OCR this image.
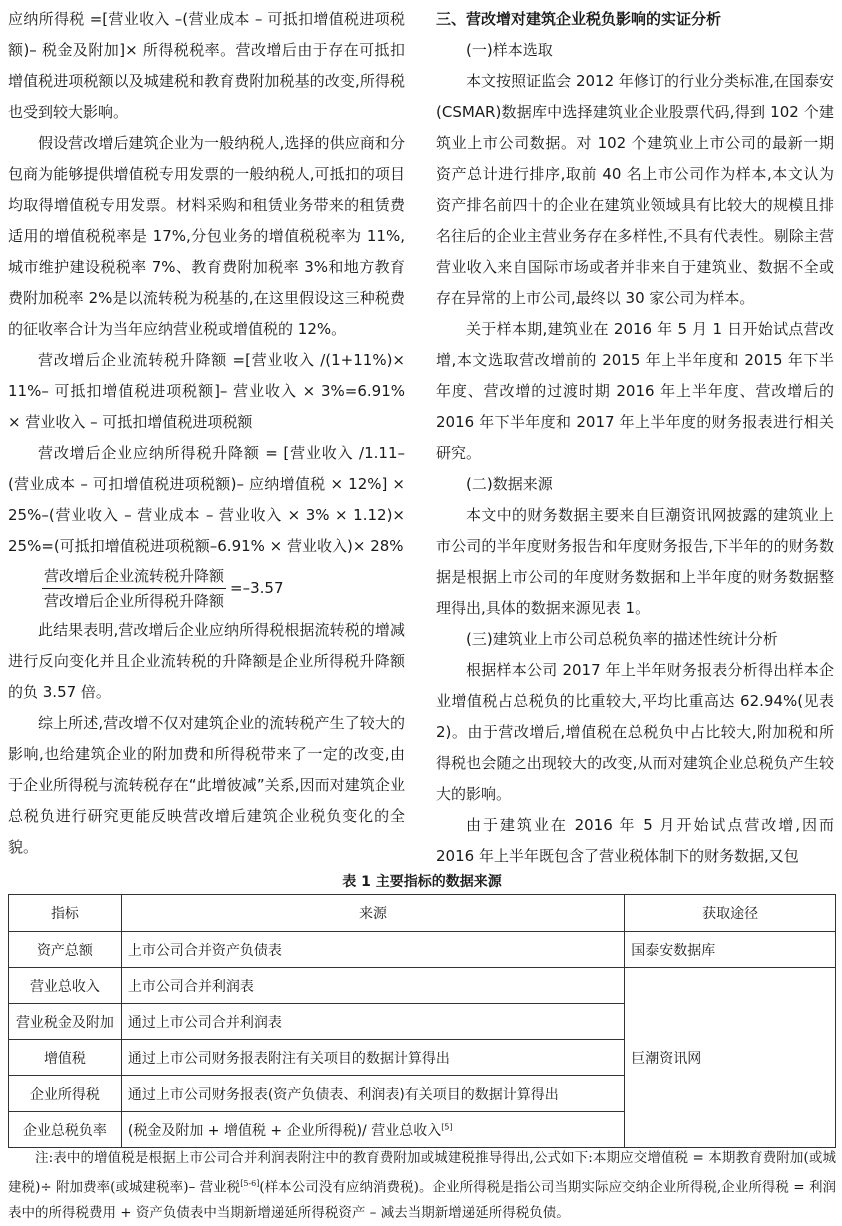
应纳所得税 =[营业收入 –(营业成本 – 可抵扣增值税进项税额)– 税金及附加]× 所得税税率。营改增后由于存在可抵扣增值税进项税额以及城建税和教育费附加税基的改变,所得税也受到较大影响。

假设营改增后建筑企业为一般纳税人,选择的供应商和分包商为能够提供增值税专用发票的一般纳税人,可抵扣的项目均取得增值税专用发票。材料采购和租赁业务带来的租赁费适用的增值税税率是 17%,分包业务的增值税税率为 11%,城市维护建设税税率 7%、教育费附加税率 3%和地方教育费附加税率 2%是以流转税为税基的,在这里假设这三种税费的征收率合计为当年应纳营业税或增值税的 12%。

营改增后企业流转税升降额 =[营业收入 /(1+11%)× 11%– 可抵扣增值税进项税额]– 营业收入 × 3%=6.91% × 营业收入 – 可抵扣增值税进项税额

营改增后企业应纳所得税升降额 = [营业收入 /1.11–(营业成本 – 可扣增值税进项税额)– 应纳增值税 × 12%] × 25%–(营业收入 – 营业成本 – 营业收入 × 3% × 1.12)× 25%=(可抵扣增值税进项税额–6.91% × 营业收入)× 28%

$\frac{\text{营改增后企业流转税升降额}}{\text{营改增后企业所得税升降额}} =-3.57$

此结果表明,营改增后企业应纳所得税根据流转税的增减进行反向变化并且企业流转税的升降额是企业所得税升降额的负 3.57 倍。

综上所述,营改增不仅对建筑企业的流转税产生了较大的影响,也给建筑企业的附加费和所得税带来了一定的改变,由于企业所得税与流转税存在“此增彼减”关系,因而对建筑企业总税负进行研究更能反映营改增后建筑企业税负变化的全貌。

三、营改增对建筑企业税负影响的实证分析

(一)样本选取

本文按照证监会 2012 年修订的行业分类标准,在国泰安(CSMAR)数据库中选择建筑业企业股票代码,得到 102 个建筑业上市公司数据。对 102 个建筑业上市公司的最新一期资产总计进行排序,取前 40 名上市公司作为样本,本文认为资产排名前四十的企业在建筑业领域具有比较大的规模且排名往后的企业主营业务存在多样性,不具有代表性。剔除主营营业收入来自国际市场或者并非来自于建筑业、数据不全或存在异常的上市公司,最终以 30 家公司为样本。

关于样本期,建筑业在 2016 年 5 月 1 日开始试点营改增,本文选取营改增前的 2015 年上半年度和 2015 年下半年度、营改增的过渡时期 2016 年上半年度、营改增后的 2016 年下半年度和 2017 年上半年度的财务报表进行相关研究。

(二)数据来源

本文中的财务数据主要来自巨潮资讯网披露的建筑业上市公司的半年度财务报告和年度财务报告,下半年的的财务数据是根据上市公司的年度财务数据和上半年度的财务数据整理得出,具体的数据来源见表 1。

(三)建筑业上市公司总税负率的描述性统计分析

根据样本公司 2017 年上半年财务报表分析得出样本企业增值税占总税负的比重较大,平均比重高达 62.94%(见表 2)。由于营改增后,增值税在总税负中占比较大,附加税和所得税也会随之出现较大的改变,从而对建筑企业总税负产生较大的影响。

由于建筑业在 2016 年 5 月开始试点营改增,因而 2016 年上半年既包含了营业税体制下的财务数据,又包

表 1 主要指标的数据来源
指标	来源	获取途径
资产总额	上市公司合并资产负债表	国泰安数据库
营业总收入	上市公司合并利润表	巨潮资讯网
营业税金及附加	通过上市公司合并利润表	
增值税	通过上市公司财务报表附注有关项目的数据计算得出	
企业所得税	通过上市公司财务报表(资产负债表、利润表)有关项目的数据计算得出	
企业总税负率	(税金及附加 + 增值税 + 企业所得税)/ 营业总收入[5]

注:表中的增值税是根据上市公司合并利润表附注中的教育费附加或城建税推导得出,公式如下:本期应交增值税 = 本期教育费附加(或城建税)÷ 附加费率(或城建税率)– 营业税[5-6](样本公司没有应纳消费税)。企业所得税是指公司当期实际应交纳企业所得税,企业所得税 = 利润表中的所得税费用 + 资产负债表中当期新增递延所得税资产 – 减去当期新增递延所得税负债。
